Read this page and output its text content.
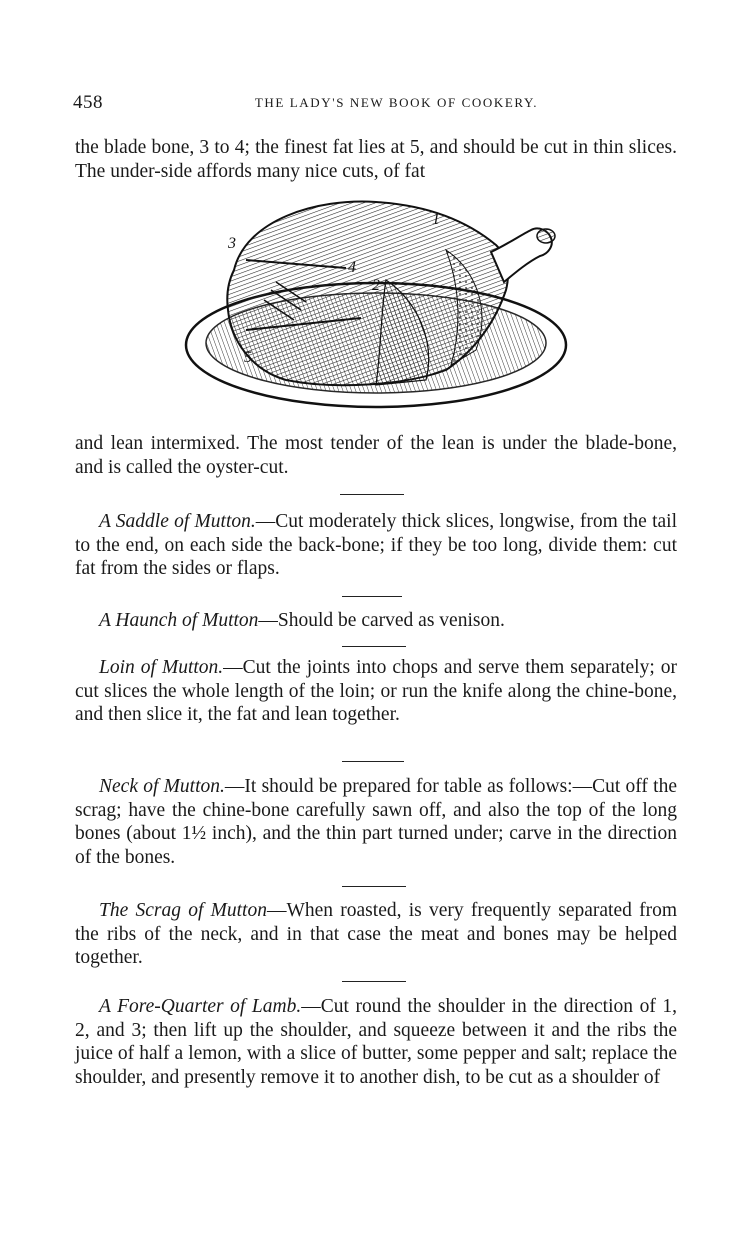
458	THE LADY'S NEW BOOK OF COOKERY.

the blade bone, 3 to 4; the finest fat lies at 5, and should be cut in thin slices. The under-side affords many nice cuts, of fat

1
2
3
4
5

and lean intermixed. The most tender of the lean is under the blade-bone, and is called the oyster-cut.

A Saddle of Mutton.—Cut moderately thick slices, longwise, from the tail to the end, on each side the back-bone; if they be too long, divide them: cut fat from the sides or flaps.

A Haunch of Mutton—Should be carved as venison.

Loin of Mutton.—Cut the joints into chops and serve them separately; or cut slices the whole length of the loin; or run the knife along the chine-bone, and then slice it, the fat and lean together.

Neck of Mutton.—It should be prepared for table as follows:—Cut off the scrag; have the chine-bone carefully sawn off, and also the top of the long bones (about 1½ inch), and the thin part turned under; carve in the direction of the bones.

The Scrag of Mutton—When roasted, is very frequently separated from the ribs of the neck, and in that case the meat and bones may be helped together.

A Fore-Quarter of Lamb.—Cut round the shoulder in the direction of 1, 2, and 3; then lift up the shoulder, and squeeze between it and the ribs the juice of half a lemon, with a slice of butter, some pepper and salt; replace the shoulder, and presently remove it to another dish, to be cut as a shoulder of
